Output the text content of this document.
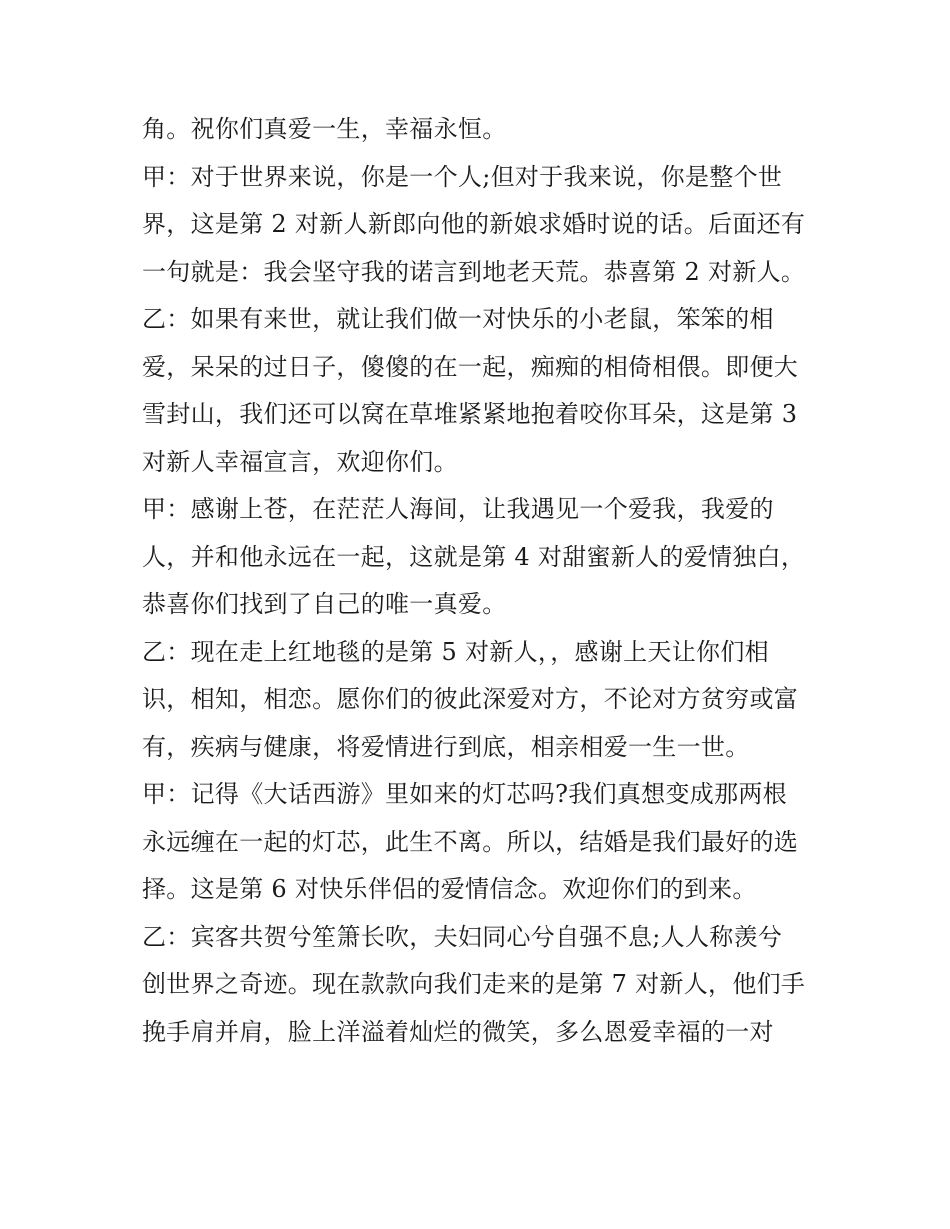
角。祝你们真爱一生，幸福永恒。
甲：对于世界来说，你是一个人;但对于我来说，你是整个世
界，这是第 2 对新人新郎向他的新娘求婚时说的话。后面还有
一句就是：我会坚守我的诺言到地老天荒。恭喜第 2 对新人。
乙：如果有来世，就让我们做一对快乐的小老鼠，笨笨的相
爱，呆呆的过日子，傻傻的在一起，痴痴的相倚相偎。即便大
雪封山，我们还可以窝在草堆紧紧地抱着咬你耳朵，这是第 3
对新人幸福宣言，欢迎你们。
甲：感谢上苍，在茫茫人海间，让我遇见一个爱我，我爱的
人，并和他永远在一起，这就是第 4 对甜蜜新人的爱情独白，
恭喜你们找到了自己的唯一真爱。
乙：现在走上红地毯的是第 5 对新人，，感谢上天让你们相
识，相知，相恋。愿你们的彼此深爱对方，不论对方贫穷或富
有，疾病与健康，将爱情进行到底，相亲相爱一生一世。
甲：记得《大话西游》里如来的灯芯吗?我们真想变成那两根
永远缠在一起的灯芯，此生不离。所以，结婚是我们最好的选
择。这是第 6 对快乐伴侣的爱情信念。欢迎你们的到来。
乙：宾客共贺兮笙箫长吹，夫妇同心兮自强不息;人人称羡兮
创世界之奇迹。现在款款向我们走来的是第 7 对新人，他们手
挽手肩并肩，脸上洋溢着灿烂的微笑，多么恩爱幸福的一对
